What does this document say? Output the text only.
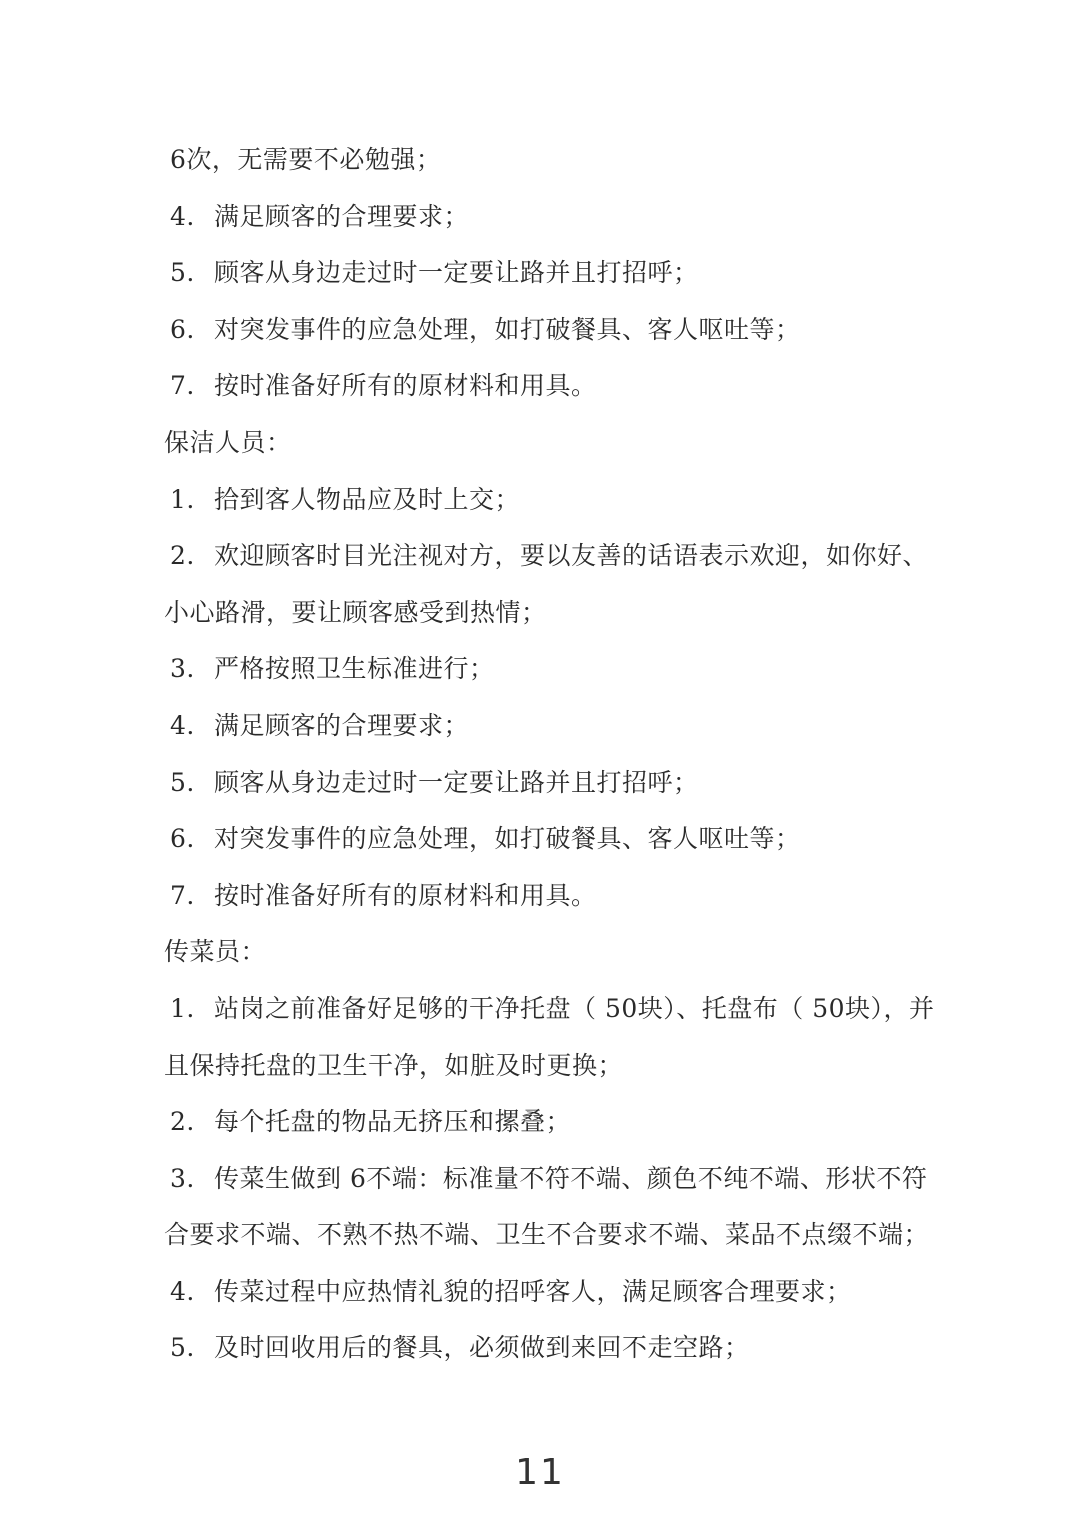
6次，无需要不必勉强；
4. 满足顾客的合理要求；
5. 顾客从身边走过时一定要让路并且打招呼；
6. 对突发事件的应急处理，如打破餐具、客人呕吐等；
7. 按时准备好所有的原材料和用具。
保洁人员：
1. 拾到客人物品应及时上交；
2. 欢迎顾客时目光注视对方，要以友善的话语表示欢迎，如你好、
小心路滑，要让顾客感受到热情；
3. 严格按照卫生标准进行；
4. 满足顾客的合理要求；
5. 顾客从身边走过时一定要让路并且打招呼；
6. 对突发事件的应急处理，如打破餐具、客人呕吐等；
7. 按时准备好所有的原材料和用具。
传菜员：
1. 站岗之前准备好足够的干净托盘（ 50块）、托盘布（ 50块），并
且保持托盘的卫生干净，如脏及时更换；
2. 每个托盘的物品无挤压和摞叠；
3. 传菜生做到 6不端：标准量不符不端、颜色不纯不端、形状不符
合要求不端、不熟不热不端、卫生不合要求不端、菜品不点缀不端；
4. 传菜过程中应热情礼貌的招呼客人，满足顾客合理要求；
5. 及时回收用后的餐具，必须做到来回不走空路；
11
